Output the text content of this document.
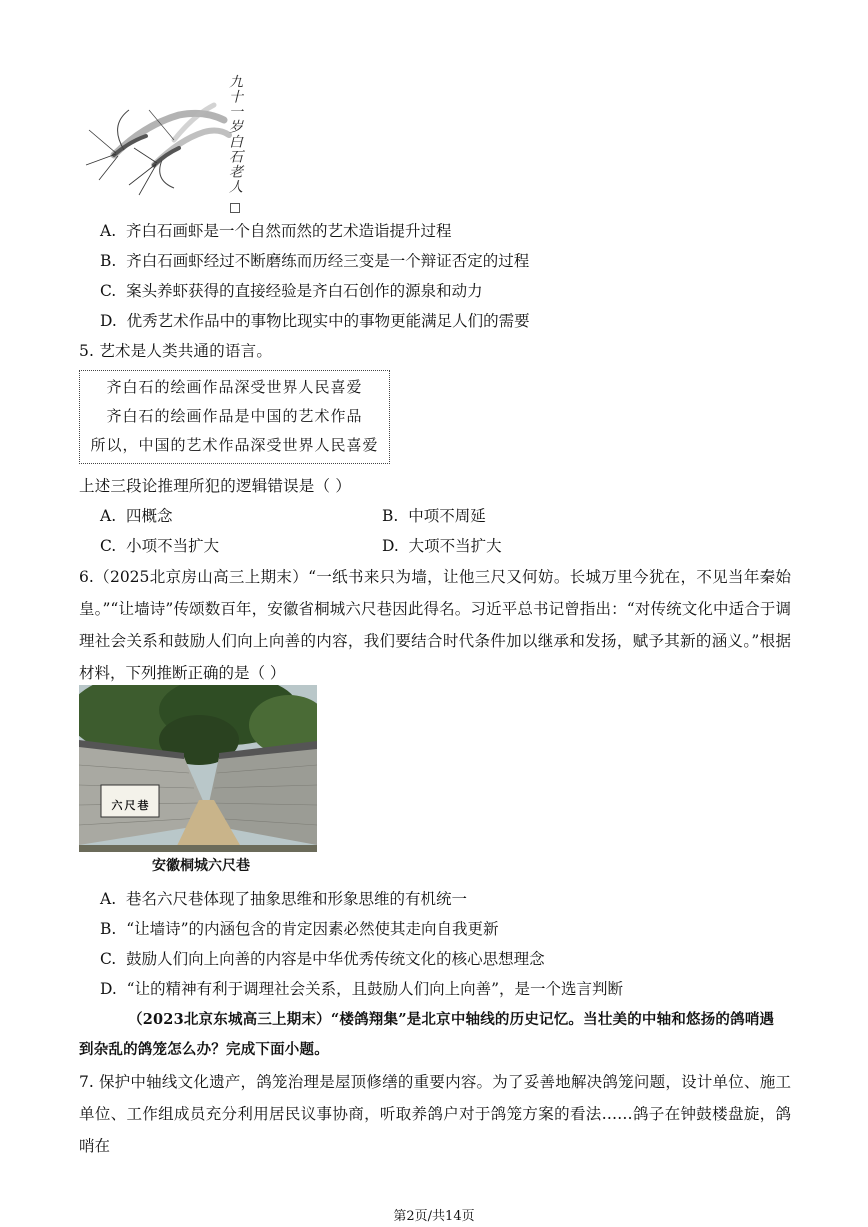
九十一岁白石老人
A. 齐白石画虾是一个自然而然的艺术造诣提升过程
B. 齐白石画虾经过不断磨练而历经三变是一个辩证否定的过程
C. 案头养虾获得的直接经验是齐白石创作的源泉和动力
D. 优秀艺术作品中的事物比现实中的事物更能满足人们的需要
5. 艺术是人类共通的语言。
齐白石的绘画作品深受世界人民喜爱
齐白石的绘画作品是中国的艺术作品
所以，中国的艺术作品深受世界人民喜爱
上述三段论推理所犯的逻辑错误是（ ）
A. 四概念	B. 中项不周延
C. 小项不当扩大	D. 大项不当扩大
6.（2025北京房山高三上期末）“一纸书来只为墙，让他三尺又何妨。长城万里今犹在，不见当年秦始皇。”“让墙诗”传颂数百年，安徽省桐城六尺巷因此得名。习近平总书记曾指出：“对传统文化中适合于调理社会关系和鼓励人们向上向善的内容，我们要结合时代条件加以继承和发扬，赋予其新的涵义。”根据材料，下列推断正确的是（ ）
六尺巷
安徽桐城六尺巷
A. 巷名六尺巷体现了抽象思维和形象思维的有机统一
B. “让墙诗”的内涵包含的肯定因素必然使其走向自我更新
C. 鼓励人们向上向善的内容是中华优秀传统文化的核心思想理念
D. “让的精神有利于调理社会关系，且鼓励人们向上向善”，是一个选言判断
（2023北京东城高三上期末）“楼鸽翔集”是北京中轴线的历史记忆。当壮美的中轴和悠扬的鸽哨遇
到杂乱的鸽笼怎么办？完成下面小题。
7. 保护中轴线文化遗产，鸽笼治理是屋顶修缮的重要内容。为了妥善地解决鸽笼问题，设计单位、施工单位、工作组成员充分利用居民议事协商，听取养鸽户对于鸽笼方案的看法……鸽子在钟鼓楼盘旋，鸽哨在
第2页/共14页
